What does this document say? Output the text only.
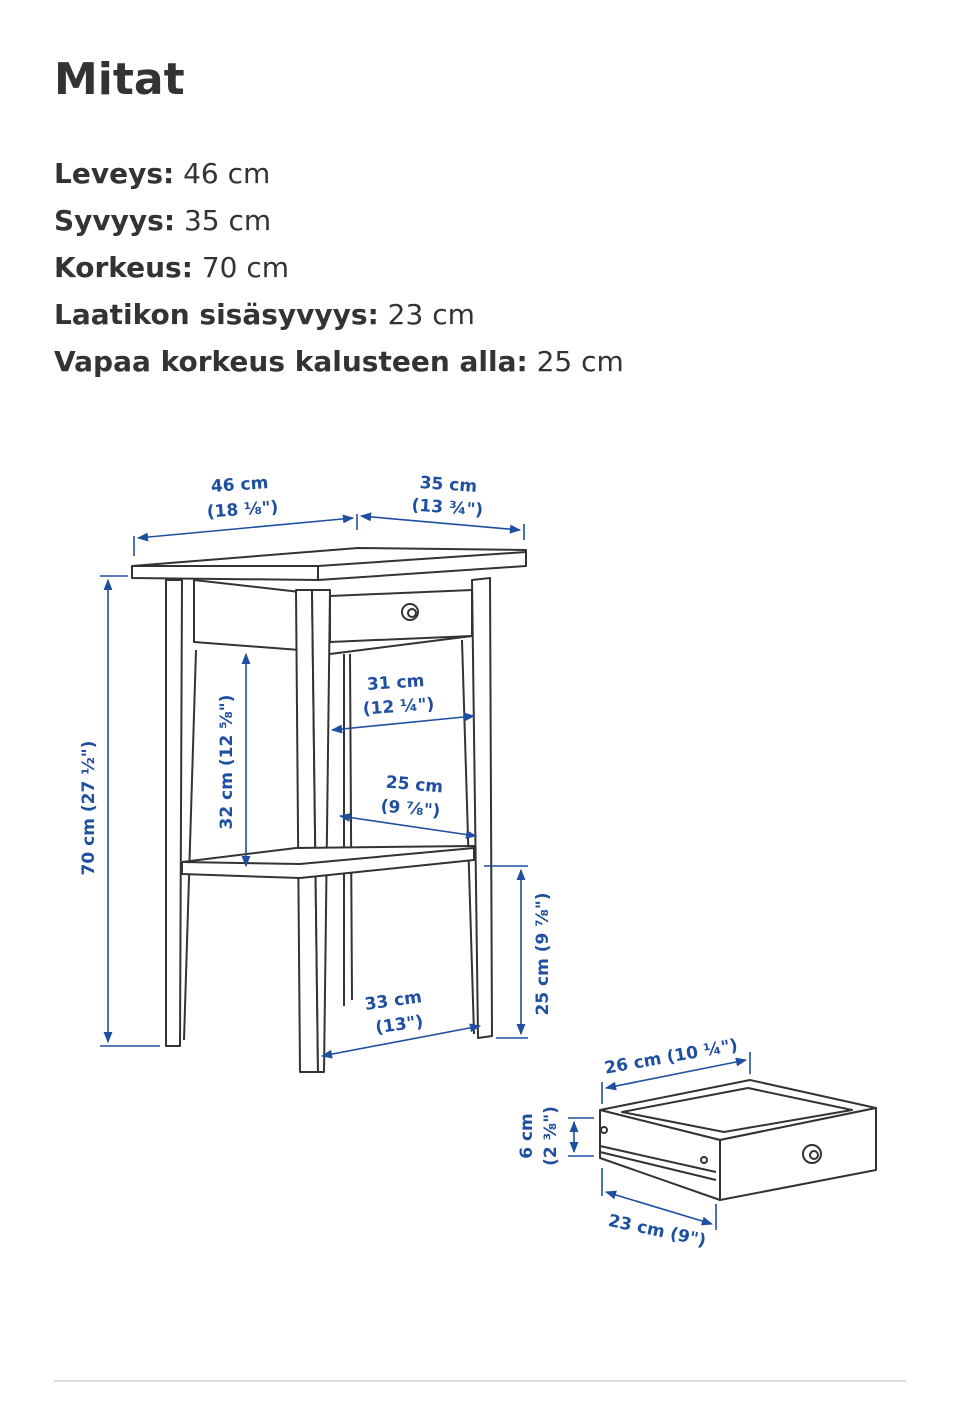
Mitat
Leveys: 46 cm
Syvyys: 35 cm
Korkeus: 70 cm
Laatikon sisäsyvyys: 23 cm
Vapaa korkeus kalusteen alla: 25 cm
46 cm
(18 ⅛")
35 cm
(13 ¾")
70 cm (27 ½")	32 cm (12 ⅝")
31 cm
(12 ¼")
25 cm
(9 ⅞")
25 cm (9 ⅞")
33 cm
(13")
26 cm (10 ¼")
6 cm (2 ⅜")
23 cm (9")
